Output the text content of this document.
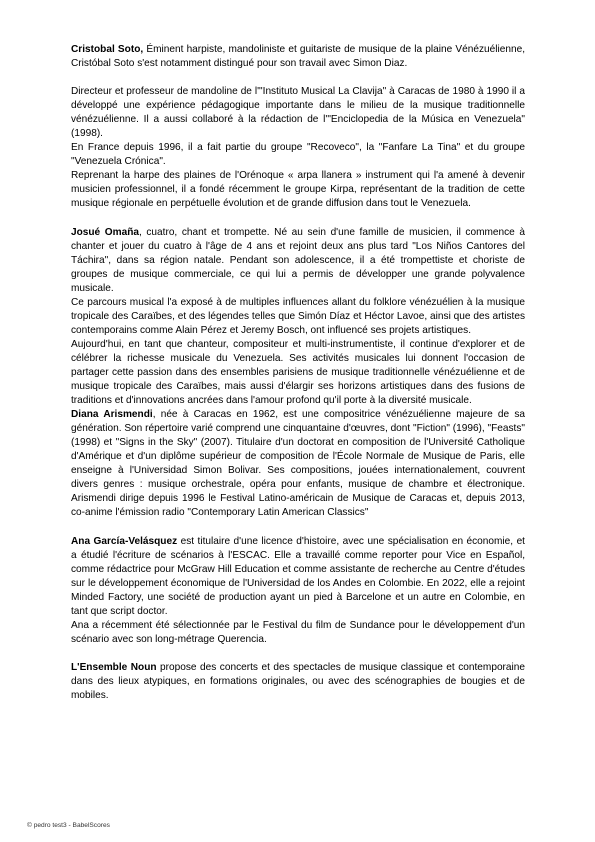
Cristobal Soto, Éminent harpiste, mandoliniste et guitariste de musique de la plaine Vénézuélienne, Cristóbal Soto s'est notamment distingué pour son travail avec Simon Diaz.

Directeur et professeur de mandoline de l'"Instituto Musical La Clavija" à Caracas de 1980 à 1990 il a développé une expérience pédagogique importante dans le milieu de la musique traditionnelle vénézuélienne. Il a aussi collaboré à la rédaction de l'"Enciclopedia de la Música en Venezuela" (1998).

En France depuis 1996, il a fait partie du groupe "Recoveco", la "Fanfare La Tina" et du groupe "Venezuela Crónica".

Reprenant la harpe des plaines de l'Orénoque « arpa llanera » instrument qui l'a amené à devenir musicien professionnel, il a fondé récemment le groupe Kirpa, représentant de la tradition de cette musique régionale en perpétuelle évolution et de grande diffusion dans tout le Venezuela.

Josué Omaña, cuatro, chant et trompette. Né au sein d'une famille de musicien, il commence à chanter et jouer du cuatro à l'âge de 4 ans et rejoint deux ans plus tard "Los Niños Cantores del Táchira", dans sa région natale. Pendant son adolescence, il a été trompettiste et choriste de groupes de musique commerciale, ce qui lui a permis de développer une grande polyvalence musicale.

Ce parcours musical l'a exposé à de multiples influences allant du folklore vénézuélien à la musique tropicale des Caraïbes, et des légendes telles que Simón Díaz et Héctor Lavoe, ainsi que des artistes contemporains comme Alain Pérez et Jeremy Bosch, ont influencé ses projets artistiques.

Aujourd'hui, en tant que chanteur, compositeur et multi-instrumentiste, il continue d'explorer et de célébrer la richesse musicale du Venezuela. Ses activités musicales lui donnent l'occasion de partager cette passion dans des ensembles parisiens de musique traditionnelle vénézuélienne et de musique tropicale des Caraïbes, mais aussi d'élargir ses horizons artistiques dans des fusions de traditions et d'innovations ancrées dans l'amour profond qu'il porte à la diversité musicale.

Diana Arismendi, née à Caracas en 1962, est une compositrice vénézuélienne majeure de sa génération. Son répertoire varié comprend une cinquantaine d'œuvres, dont "Fiction" (1996), "Feasts" (1998) et "Signs in the Sky" (2007). Titulaire d'un doctorat en composition de l'Université Catholique d'Amérique et d'un diplôme supérieur de composition de l'École Normale de Musique de Paris, elle enseigne à l'Universidad Simon Bolivar. Ses compositions, jouées internationalement, couvrent divers genres : musique orchestrale, opéra pour enfants, musique de chambre et électronique. Arismendi dirige depuis 1996 le Festival Latino-américain de Musique de Caracas et, depuis 2013, co-anime l'émission radio "Contemporary Latin American Classics"

Ana García-Velásquez est titulaire d'une licence d'histoire, avec une spécialisation en économie, et a étudié l'écriture de scénarios à l'ESCAC. Elle a travaillé comme reporter pour Vice en Español, comme rédactrice pour McGraw Hill Education et comme assistante de recherche au Centre d'études sur le développement économique de l'Universidad de los Andes en Colombie. En 2022, elle a rejoint Minded Factory, une société de production ayant un pied à Barcelone et un autre en Colombie, en tant que script doctor.

Ana a récemment été sélectionnée par le Festival du film de Sundance pour le développement d'un scénario avec son long-métrage Querencia.

L'Ensemble Noun propose des concerts et des spectacles de musique classique et contemporaine dans des lieux atypiques, en formations originales, ou avec des scénographies de bougies et de mobiles.

© pedro test3 - BabelScores
